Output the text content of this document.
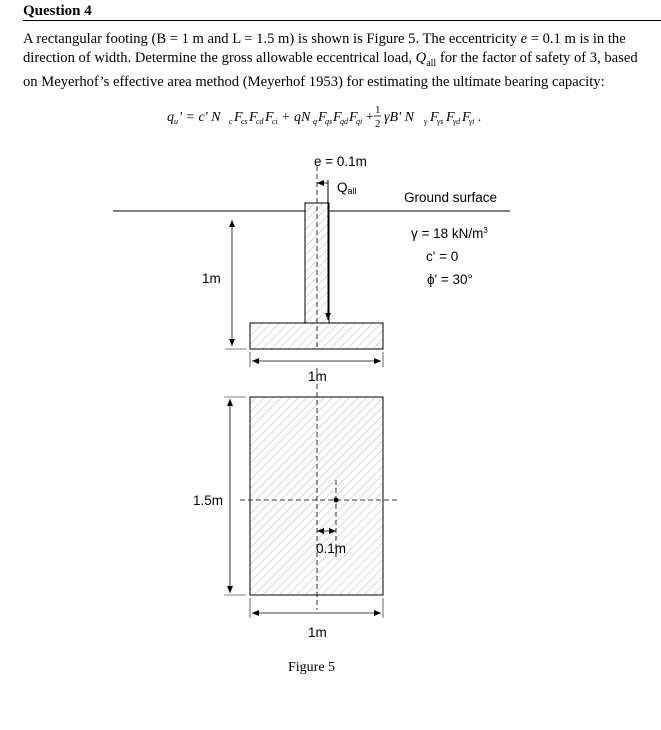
Question 4

A rectangular footing (B = 1 m and L = 1.5 m) is shown is Figure 5. The eccentricity e = 0.1 m is in the
direction of width. Determine the gross allowable eccentrical load, $Q_{all}$ for the factor of safety of 3, based
on Meyerhof’s effective area method (Meyerhof 1953) for estimating the ultimate bearing capacity:

q u ' = c' N c F
cs F
cd F
ci + qN q F
qs F
qd F
qi + 1
2 γB' N γ F
γs F
γd F
γi .
e = 0.1m
Qall	Ground surface
1m
γ = 18 $kN/m^3$
c' = 0
ϕ' = 30°
1m
0.1m
1.5m
1m
Figure 5
